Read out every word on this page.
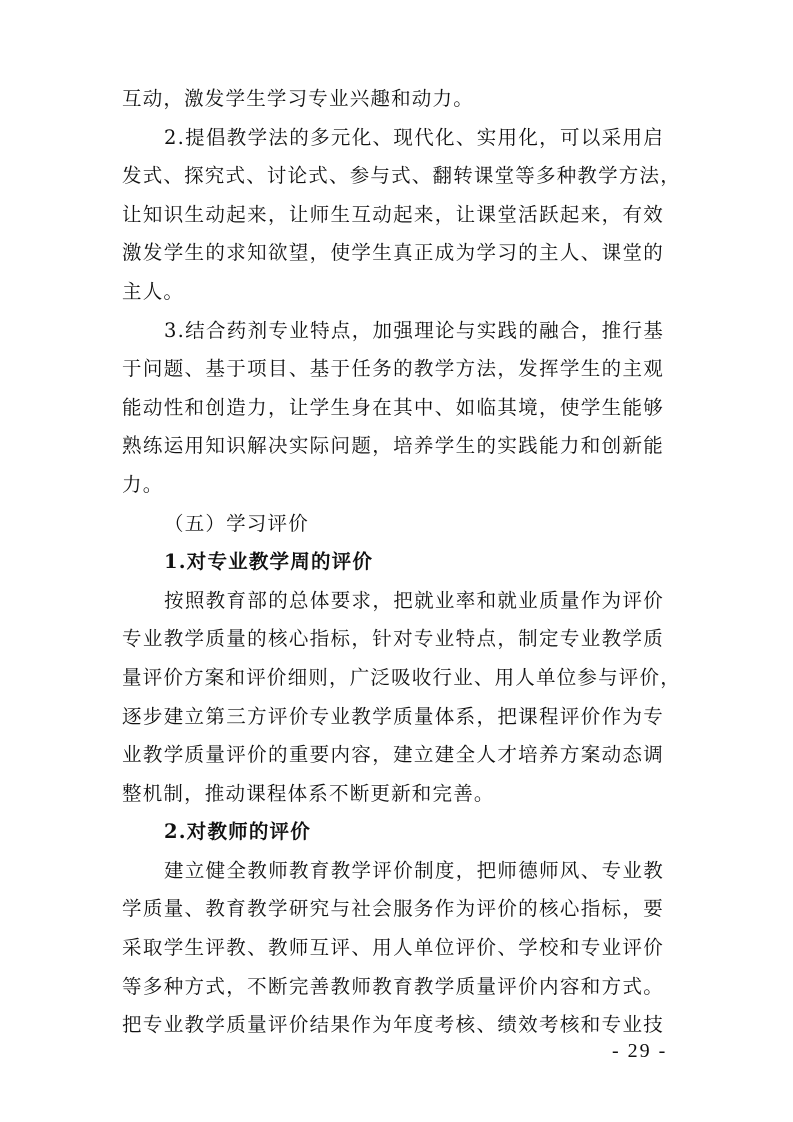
互动，激发学生学习专业兴趣和动力。
2.提倡教学法的多元化、现代化、实用化，可以采用启
发式、探究式、讨论式、参与式、翻转课堂等多种教学方法，
让知识生动起来，让师生互动起来，让课堂活跃起来，有效
激发学生的求知欲望，使学生真正成为学习的主人、课堂的
主人。
3.结合药剂专业特点，加强理论与实践的融合，推行基
于问题、基于项目、基于任务的教学方法，发挥学生的主观
能动性和创造力，让学生身在其中、如临其境，使学生能够
熟练运用知识解决实际问题，培养学生的实践能力和创新能
力。
（五）学习评价
1.对专业教学周的评价
按照教育部的总体要求，把就业率和就业质量作为评价
专业教学质量的核心指标，针对专业特点，制定专业教学质
量评价方案和评价细则，广泛吸收行业、用人单位参与评价，
逐步建立第三方评价专业教学质量体系，把课程评价作为专
业教学质量评价的重要内容，建立建全人才培养方案动态调
整机制，推动课程体系不断更新和完善。
2.对教师的评价
建立健全教师教育教学评价制度，把师德师风、专业教
学质量、教育教学研究与社会服务作为评价的核心指标，要
采取学生评教、教师互评、用人单位评价、学校和专业评价
等多种方式，不断完善教师教育教学质量评价内容和方式。
把专业教学质量评价结果作为年度考核、绩效考核和专业技
- 29 -
